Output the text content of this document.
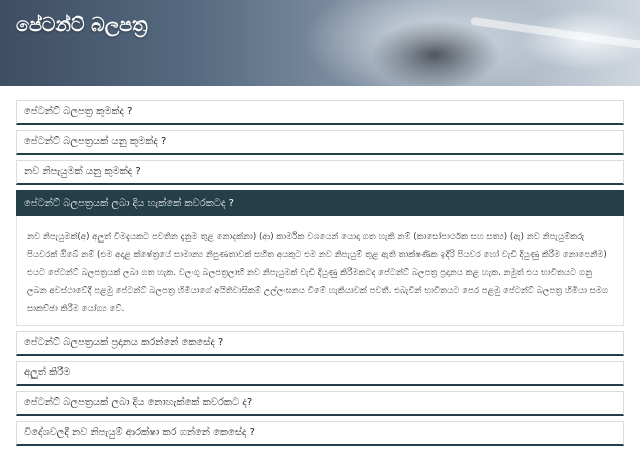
පේටන්ට් බලපත්‍ර
පේටන්ට් බලපත්‍ර කුමක්ද ?
පේටන්ට් බලපත්‍රයක් යනු කුමක්ද ?
නව නිපැයුමක් යනු කුමක්ද ?
පේටන්ට් බලපත්‍රයක් ලබා දිය හැක්කේ කවරකටද ?
නව නිපැයුමක්(අ) අලුත් විමදැයකට පවතින දැනුම තුළ නොදක්නා) (ආ) කාර්මික වශයෙන් යොදා ගත හැකි නම් (කාසෝපාර්ථක සහ සත්‍ය) (ඇ) නව නිපැයුම්කරු පියවරක් ඔිබේ නම් (එම අදාළ ක්ෂේත්‍රයේ සාමාන්‍ය නිපුණතාවක් සහිත අයකුට එම නව නිපැයුම් තුළ ඇති තාක්ෂණික ඉදිරි පියවර හෝ වැඩි දියුණු කිරීම නොපෙනීම) එයට පේටන්ට් බලපත්‍රයක් ලබා ගත හැක. වලංගු බලපත්‍රලාභී නව නිපැයුමක් වැඩි දියුණු කිරීමකටද පේටන්ට් බලපත්‍ර ප්‍රදානය කළ හැක. නමුත් එය භාවිතයට ගනු ලබන අවස්ථාවේදී පළමු පේටන්ට් බලපත්‍ර හිමියාගේ අයිතිවාසිකම් උල්ලංඝනය වීමේ හැකියාවක් පවතී. එබැවින් භාවිතයට පෙර පළමු පේටන්ට් බලපත්‍ර හිමියා සමග සාකච්ඡා කිරීම යෝග්‍ය වේ.
පේටන්ට් බලපත්‍රයක් ප්‍රදානය කරන්නේ කෙසේද ?
අලුත් කිරීම
පේටන්ට් බලපත්‍රයක් ලබා දිය නොහැක්කේ කවරකට ද?
විදේශවලදී නව නිපැයුම් ආරක්ෂා කර ගන්නේ කෙසේද ?
